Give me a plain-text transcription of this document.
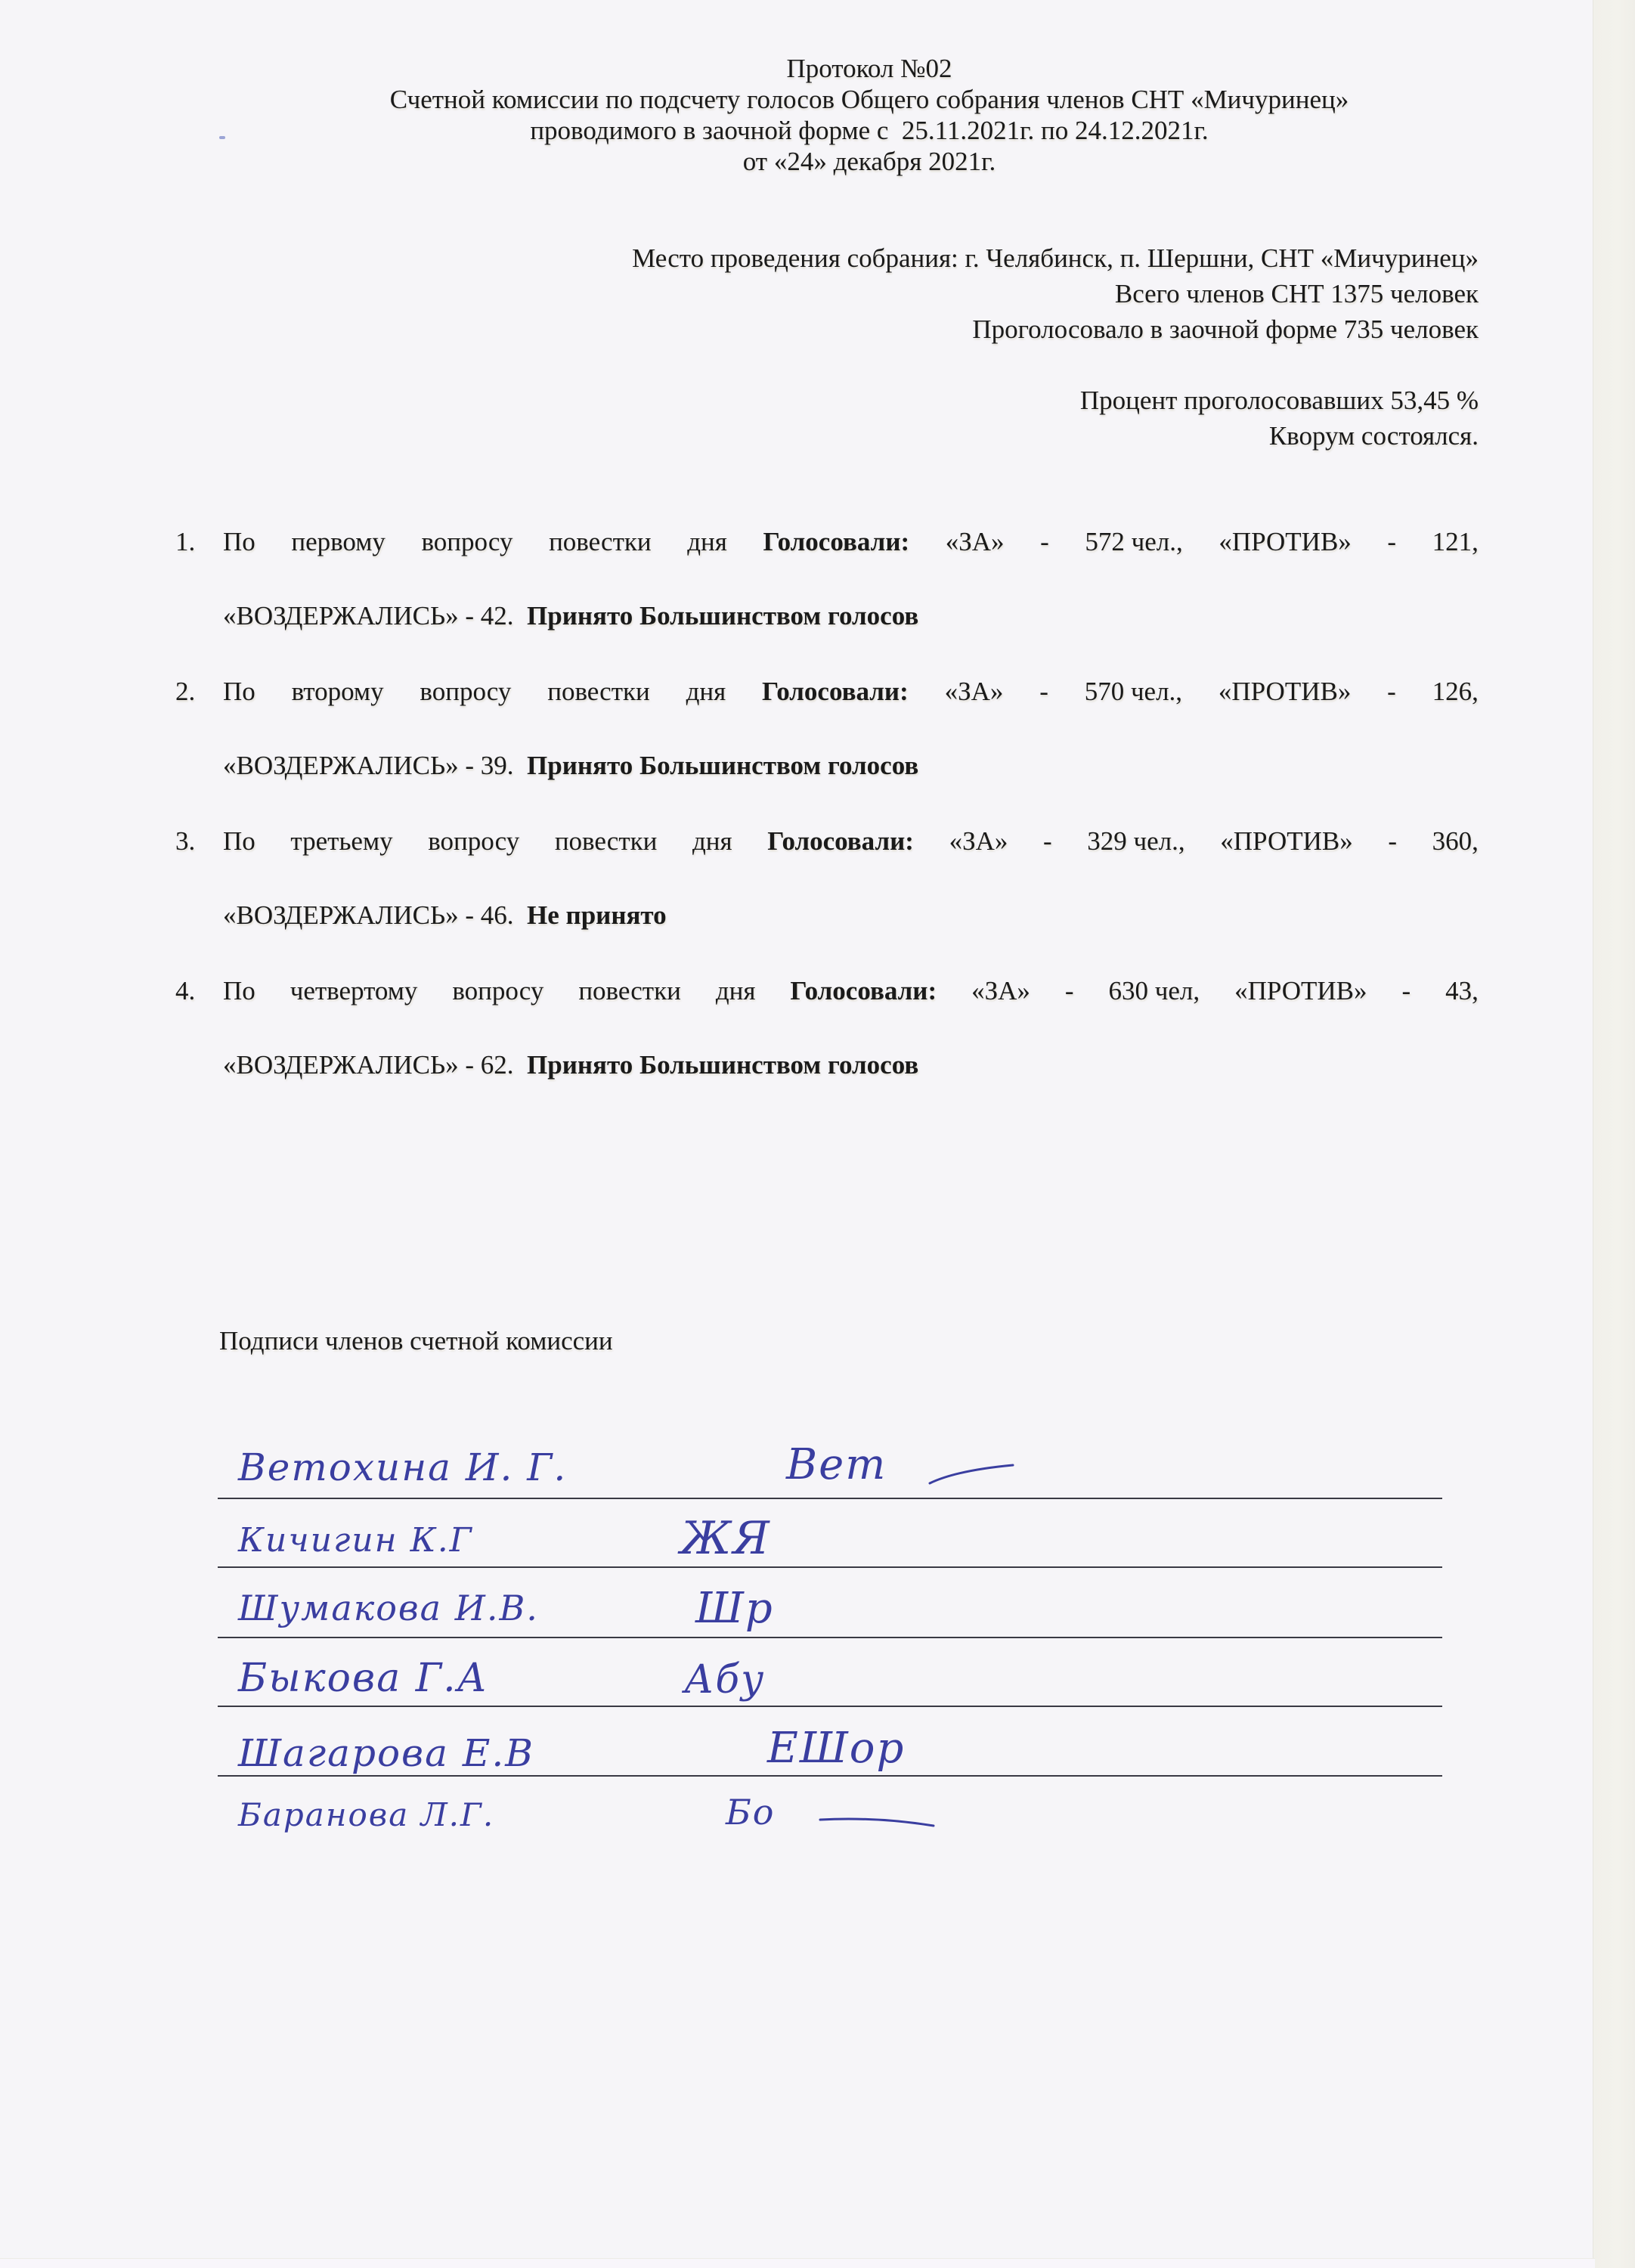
Протокол №02
Счетной комиссии по подсчету голосов Общего собрания членов СНТ «Мичуринец»
проводимого в заочной форме с  25.11.2021г. по 24.12.2021г.
от «24» декабря 2021г.
Место проведения собрания: г. Челябинск, п. Шершни, СНТ «Мичуринец»
Всего членов СНТ 1375 человек
Проголосовало в заочной форме 735 человек
Процент проголосовавших 53,45 %
Кворум состоялся.
1. По первому вопросу повестки дня Голосовали: «ЗА» - 572 чел., «ПРОТИВ» - 121,
«ВОЗДЕРЖАЛИСЬ» - 42.  Принято Большинством голосов
2. По второму вопросу повестки дня Голосовали: «ЗА» - 570 чел., «ПРОТИВ» - 126,
«ВОЗДЕРЖАЛИСЬ» - 39.  Принято Большинством голосов
3. По третьему вопросу повестки дня Голосовали: «ЗА» - 329 чел., «ПРОТИВ» - 360,
«ВОЗДЕРЖАЛИСЬ» - 46.  Не принято
4. По четвертому вопросу повестки дня Голосовали: «ЗА» - 630 чел, «ПРОТИВ» - 43,
«ВОЗДЕРЖАЛИСЬ» - 62.  Принято Большинством голосов
Подписи членов счетной комиссии
Ветохина И. Г.
Кичигин К.Г
Шумакова И.В.
Быкова Г.А
Шагарова Е.В
Баранова Л.Г.
Вет
ЖЯ
Шр
Абу
ЕШор
Бо
